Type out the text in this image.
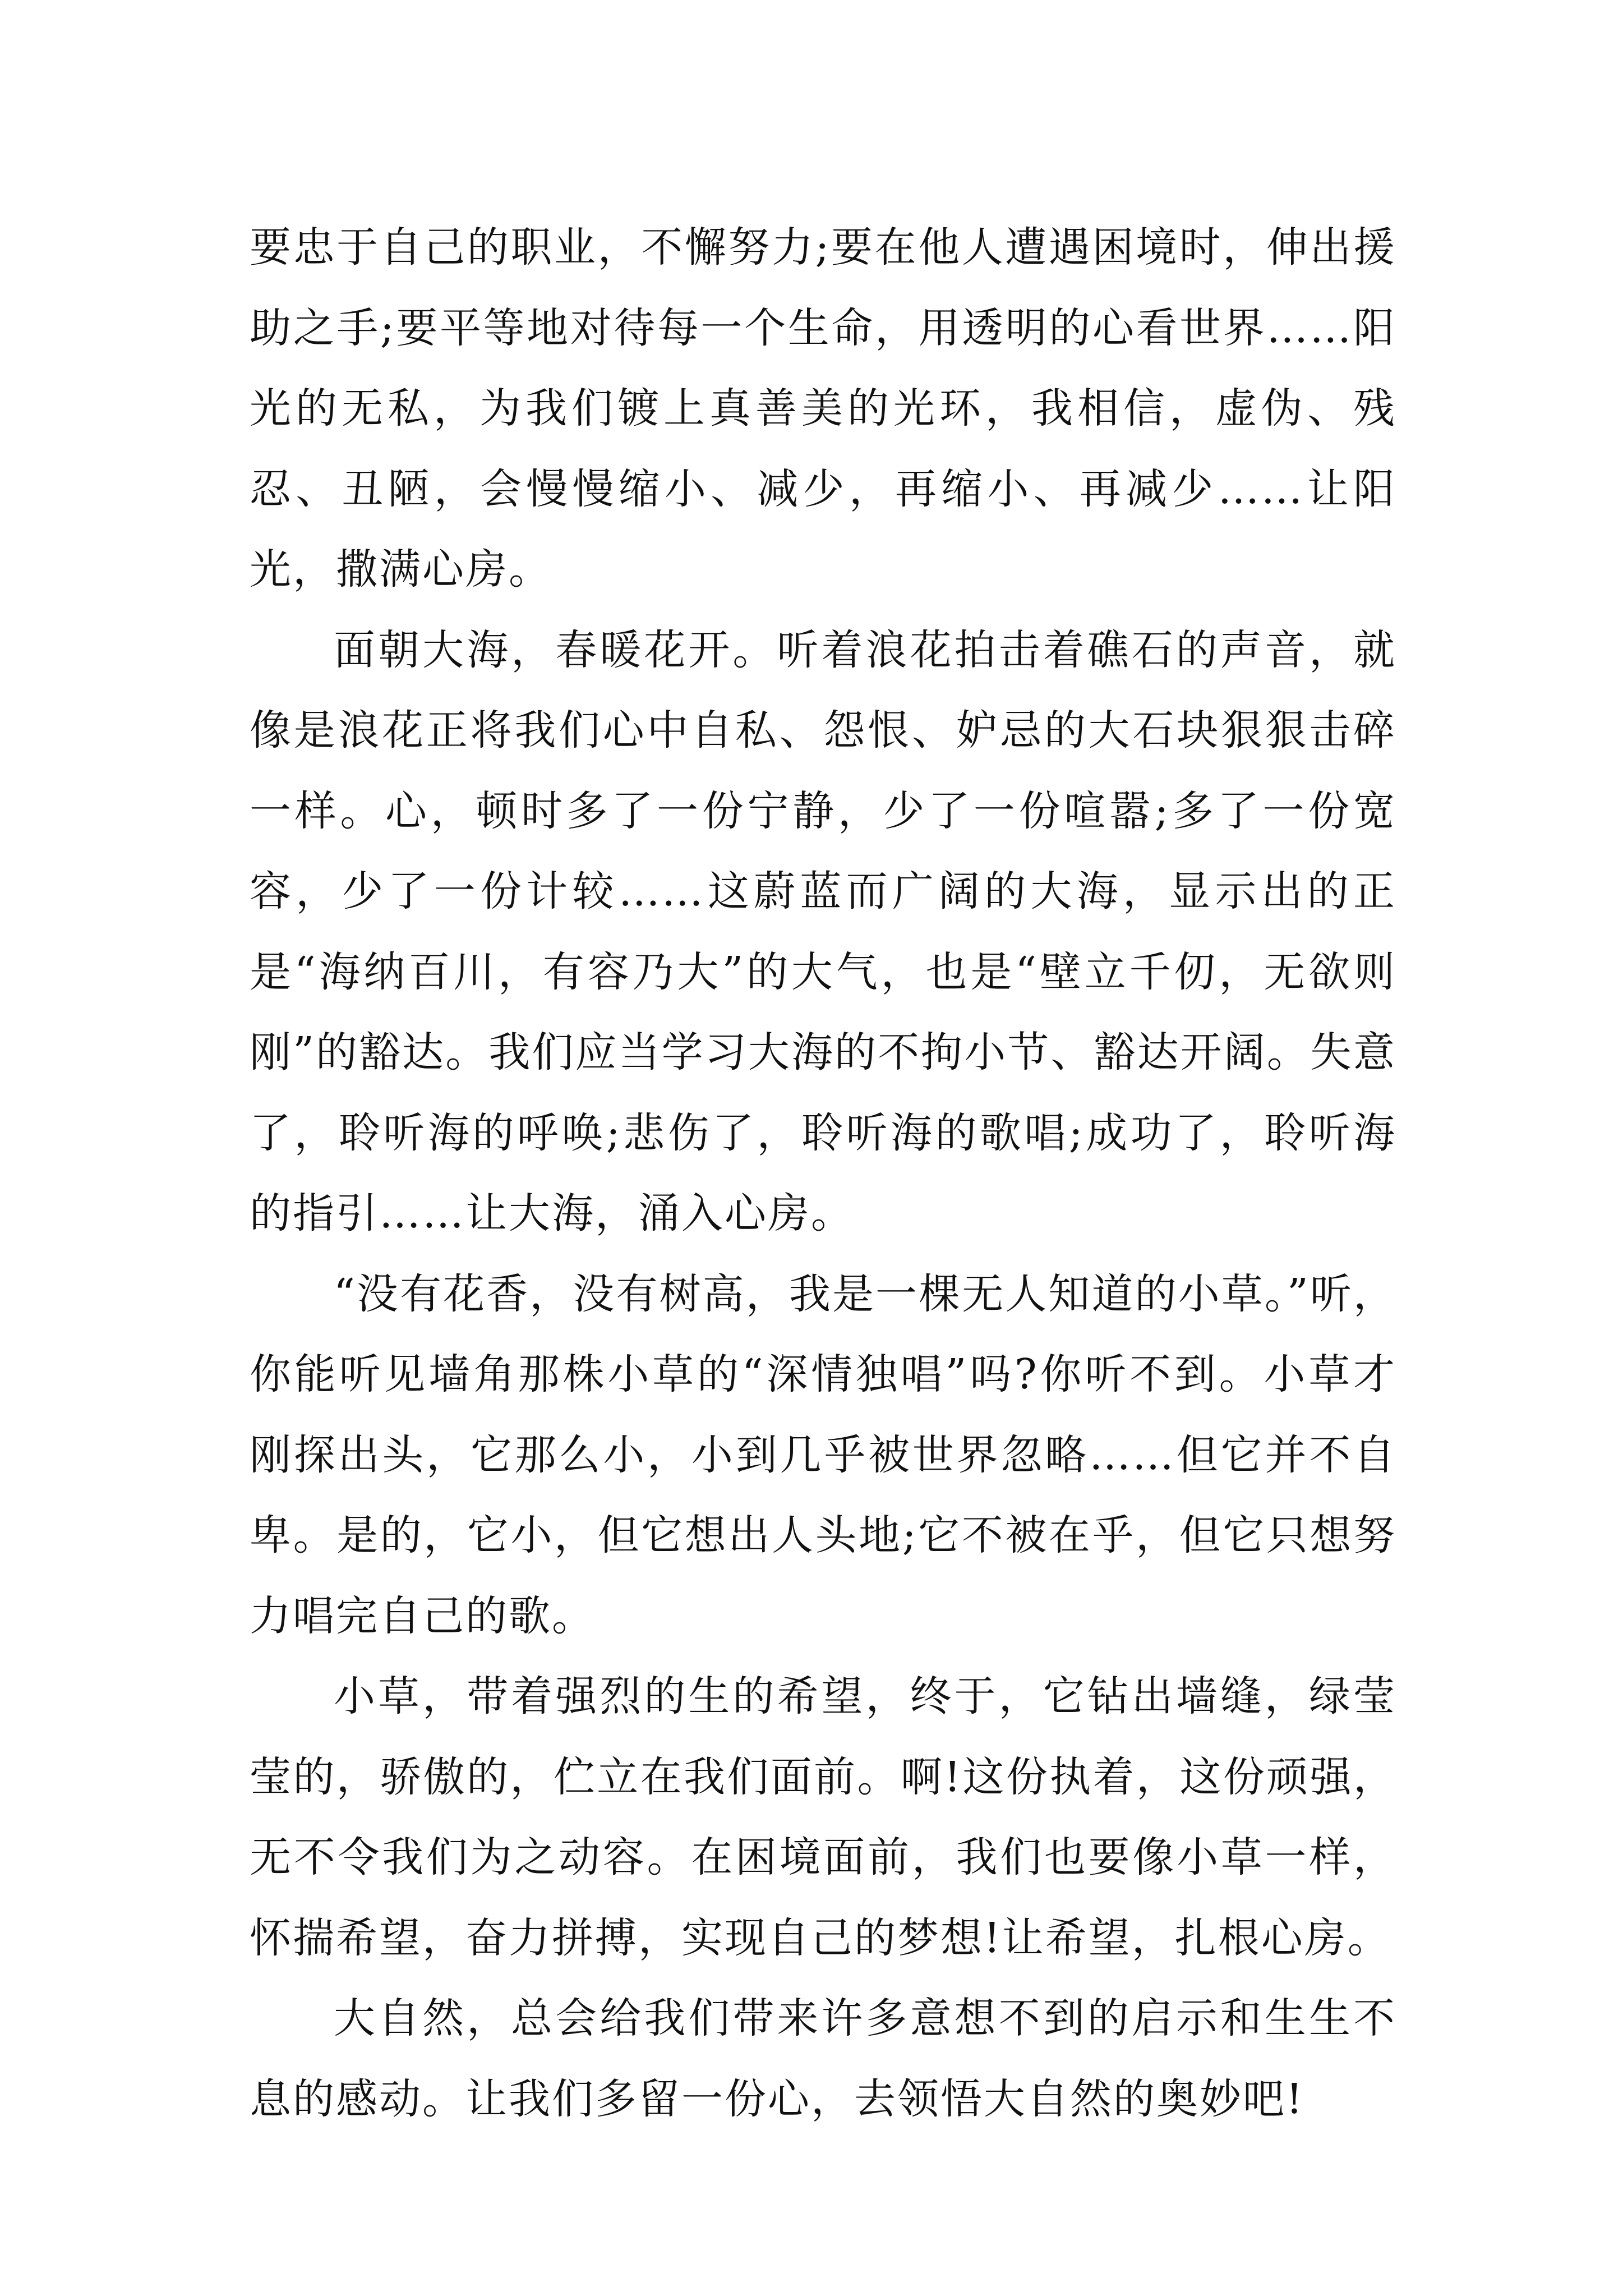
要忠于自己的职业，不懈努力;要在他人遭遇困境时，伸出援助之手;要平等地对待每一个生命，用透明的心看世界……阳光的无私，为我们镀上真善美的光环，我相信，虚伪、残忍、丑陋，会慢慢缩小、减少，再缩小、再减少……让阳光，撒满心房。

面朝大海，春暖花开。听着浪花拍击着礁石的声音，就像是浪花正将我们心中自私、怨恨、妒忌的大石块狠狠击碎一样。心，顿时多了一份宁静，少了一份喧嚣;多了一份宽容，少了一份计较……这蔚蓝而广阔的大海，显示出的正是“海纳百川，有容乃大”的大气，也是“壁立千仞，无欲则刚”的豁达。我们应当学习大海的不拘小节、豁达开阔。失意了，聆听海的呼唤;悲伤了，聆听海的歌唱;成功了，聆听海的指引……让大海，涌入心房。

“没有花香，没有树高，我是一棵无人知道的小草。”听，你能听见墙角那株小草的“深情独唱”吗?你听不到。小草才刚探出头，它那么小，小到几乎被世界忽略……但它并不自卑。是的，它小，但它想出人头地;它不被在乎，但它只想努力唱完自己的歌。

小草，带着强烈的生的希望，终于，它钻出墙缝，绿莹莹的，骄傲的，伫立在我们面前。啊!这份执着，这份顽强，无不令我们为之动容。在困境面前，我们也要像小草一样，怀揣希望，奋力拼搏，实现自己的梦想!让希望，扎根心房。

大自然，总会给我们带来许多意想不到的启示和生生不息的感动。让我们多留一份心，去领悟大自然的奥妙吧!
